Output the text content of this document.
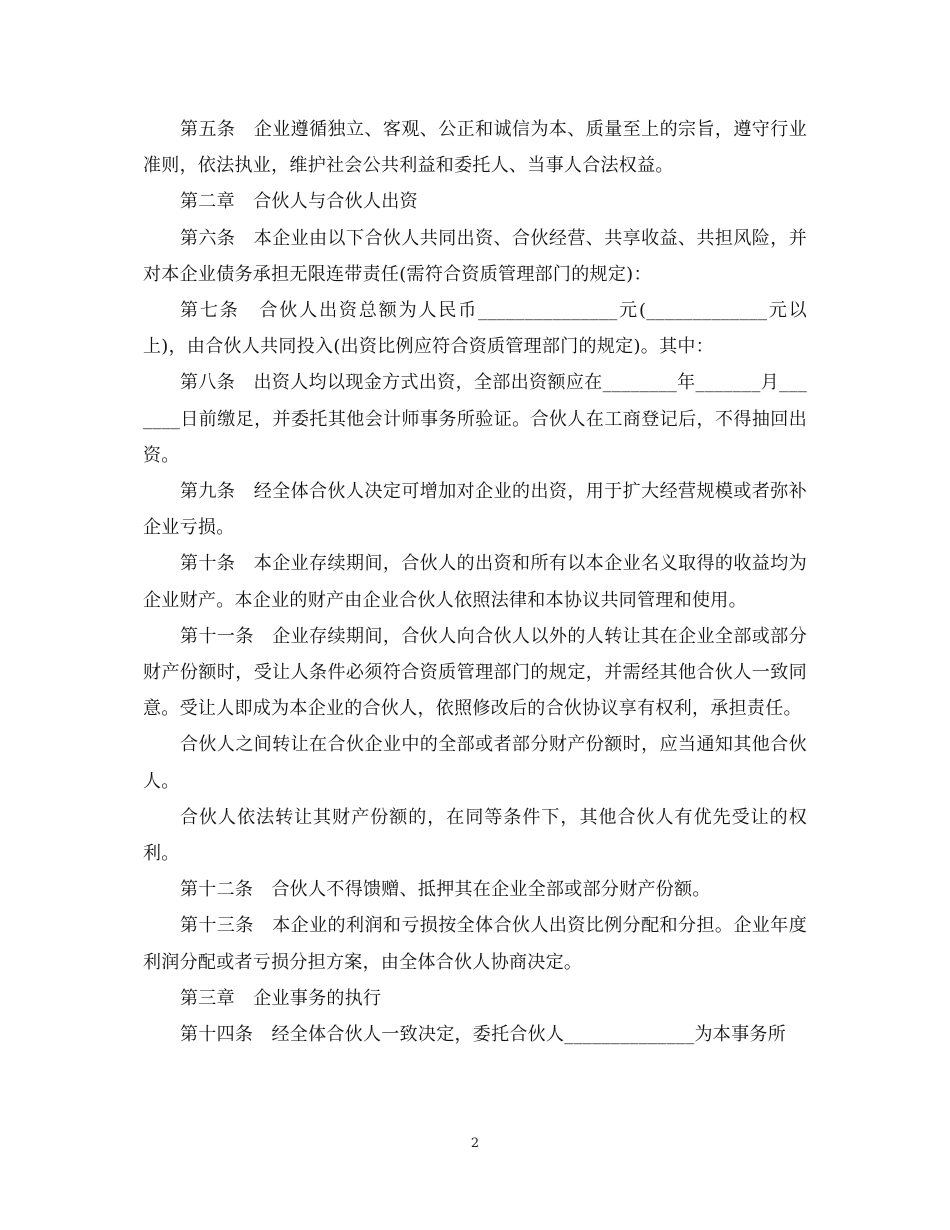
第五条　企业遵循独立、客观、公正和诚信为本、质量至上的宗旨，遵守行业准则，依法执业，维护社会公共利益和委托人、当事人合法权益。

第二章　合伙人与合伙人出资

第六条　本企业由以下合伙人共同出资、合伙经营、共享收益、共担风险，并对本企业债务承担无限连带责任(需符合资质管理部门的规定)：

第七条　合伙人出资总额为人民币_______________元(_____________元以上)，由合伙人共同投入(出资比例应符合资质管理部门的规定)。其中：

第八条　出资人均以现金方式出资，全部出资额应在________年_______月_______日前缴足，并委托其他会计师事务所验证。合伙人在工商登记后，不得抽回出资。

第九条　经全体合伙人决定可增加对企业的出资，用于扩大经营规模或者弥补企业亏损。

第十条　本企业存续期间，合伙人的出资和所有以本企业名义取得的收益均为企业财产。本企业的财产由企业合伙人依照法律和本协议共同管理和使用。

第十一条　企业存续期间，合伙人向合伙人以外的人转让其在企业全部或部分财产份额时，受让人条件必须符合资质管理部门的规定，并需经其他合伙人一致同意。受让人即成为本企业的合伙人，依照修改后的合伙协议享有权利，承担责任。

合伙人之间转让在合伙企业中的全部或者部分财产份额时，应当通知其他合伙人。

合伙人依法转让其财产份额的，在同等条件下，其他合伙人有优先受让的权利。

第十二条　合伙人不得馈赠、抵押其在企业全部或部分财产份额。

第十三条　本企业的利润和亏损按全体合伙人出资比例分配和分担。企业年度利润分配或者亏损分担方案，由全体合伙人协商决定。

第三章　企业事务的执行

第十四条　经全体合伙人一致决定，委托合伙人______________为本事务所

2
